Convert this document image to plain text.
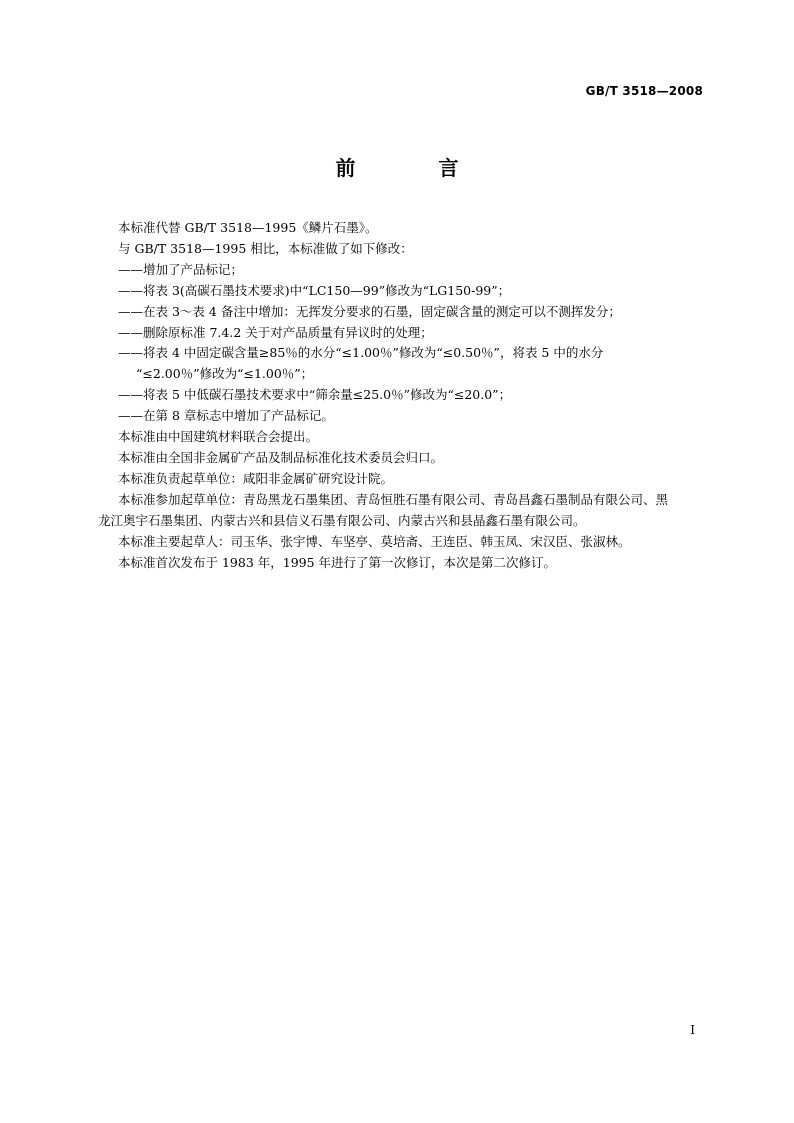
GB/T 3518—2008
前 言

本标准代替 GB/T 3518—1995《鳞片石墨》。

与 GB/T 3518—1995 相比，本标准做了如下修改：

——增加了产品标记；

——将表 3(高碳石墨技术要求)中“LC150—99”修改为“LG150-99”；

——在表 3～表 4 备注中增加：无挥发分要求的石墨，固定碳含量的测定可以不测挥发分；

——删除原标准 7.4.2 关于对产品质量有异议时的处理；

——将表 4 中固定碳含量≥85％的水分“≤1.00％”修改为“≤0.50％”，将表 5 中的水分

“≤2.00％”修改为“≤1.00％”；

——将表 5 中低碳石墨技术要求中“筛余量≤25.0％”修改为“≤20.0”；

——在第 8 章标志中增加了产品标记。

本标准由中国建筑材料联合会提出。

本标准由全国非金属矿产品及制品标准化技术委员会归口。

本标准负责起草单位：咸阳非金属矿研究设计院。

本标准参加起草单位：青岛黑龙石墨集团、青岛恒胜石墨有限公司、青岛昌鑫石墨制品有限公司、黑

龙江奥宇石墨集团、内蒙古兴和县信义石墨有限公司、内蒙古兴和县晶鑫石墨有限公司。

本标准主要起草人：司玉华、张宇博、车坚亭、莫培斋、王连臣、韩玉凤、宋汉臣、张淑林。

本标准首次发布于 1983 年，1995 年进行了第一次修订，本次是第二次修订。

I
